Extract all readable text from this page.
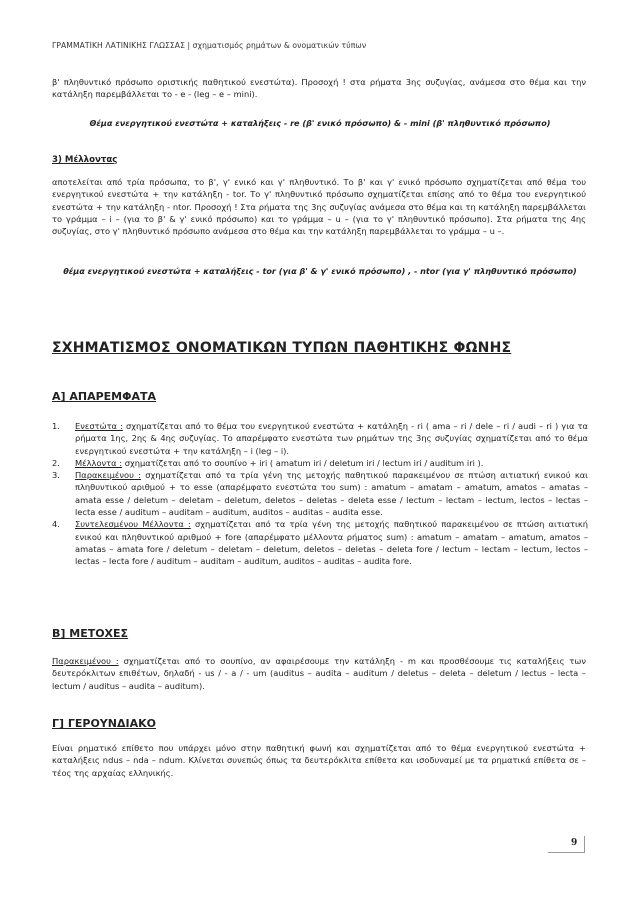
ΓΡΑΜΜΑΤΙΚΗ ΛΑΤΙΝΙΚΗΣ ΓΛΩΣΣΑΣ | σχηματισμός ρημάτων & ονοματικών τύπων
β' πληθυντικό πρόσωπο οριστικής παθητικού ενεστώτα). Προσοχή ! στα ρήματα 3ης συζυγίας, ανάμεσα στο θέμα και την κατάληξη παρεμβάλλεται το - e - (leg – e – mini).
Θέμα ενεργητικού ενεστώτα + καταλήξεις - re (β' ενικό πρόσωπο) & - mini (β' πληθυντικό πρόσωπο)
3) Μέλλοντας
αποτελείται από τρία πρόσωπα, το β', γ' ενικό και γ' πληθυντικό. Το β' και γ' ενικό πρόσωπο σχηματίζεται από θέμα του ενεργητικού ενεστώτα + την κατάληξη - tor. Το γ' πληθυντικό πρόσωπο σχηματίζεται επίσης από το θέμα του ενεργητικού ενεστώτα + την κατάληξη - ntor. Προσοχή ! Στα ρήματα της 3ης συζυγίας ανάμεσα στο θέμα και τη κατάληξη παρεμβάλλεται το γράμμα – i – (για το β' & γ' ενικό πρόσωπο) και το γράμμα – u – (για το γ' πληθυντικό πρόσωπο). Στα ρήματα της 4ης συζυγίας, στο γ' πληθυντικό πρόσωπο ανάμεσα στο θέμα και την κατάληξη παρεμβάλλεται το γράμμα – u –.
θέμα ενεργητικού ενεστώτα + καταλήξεις - tor (για β' & γ' ενικό πρόσωπο) , - ntor (για γ' πληθυντικό πρόσωπο)
ΣΧΗΜΑΤΙΣΜΟΣ ΟΝΟΜΑΤΙΚΩΝ ΤΥΠΩΝ ΠΑΘΗΤΙΚΗΣ ΦΩΝΗΣ
Α] ΑΠΑΡΕΜΦΑΤΑ
1.	Ενεστώτα : σχηματίζεται από το θέμα του ενεργητικού ενεστώτα + κατάληξη - ri ( ama – ri / dele – ri / audi – ri ) για τα ρήματα 1ης, 2ης & 4ης συζυγίας. Το απαρέμφατο ενεστώτα των ρημάτων της 3ης συζυγίας σχηματίζεται από το θέμα ενεργητικού ενεστώτα + την κατάληξη – i (leg – i).
2.	Μέλλοντα : σχηματίζεται από το σουπίνο + iri ( amatum iri / deletum iri / lectum iri / auditum iri ).
3.	Παρακειμένου : σχηματίζεται από τα τρία γένη της μετοχής παθητικού παρακειμένου σε πτώση αιτιατική ενικού και πληθυντικού αριθμού + το esse (απαρέμφατο ενεστώτα του sum) : amatum – amatam – amatum, amatos – amatas – amata esse / deletum – deletam – deletum, deletos – deletas – deleta esse / lectum – lectam – lectum, lectos – lectas – lecta esse / auditum – auditam – auditum, auditos – auditas – audita esse.
4.	Συντελεσμένου Μέλλοντα : σχηματίζεται από τα τρία γένη της μετοχής παθητικού παρακειμένου σε πτώση αιτιατική ενικού και πληθυντικού αριθμού + fore (απαρέμφατο μέλλοντα ρήματος sum) : amatum – amatam – amatum, amatos – amatas – amata fore / deletum – deletam – deletum, deletos – deletas – deleta fore / lectum – lectam – lectum, lectos – lectas – lecta fore / auditum – auditam – auditum, auditos – auditas – audita fore.
Β] ΜΕΤΟΧΕΣ
Παρακειμένου : σχηματίζεται από το σουπίνο, αν αφαιρέσουμε την κατάληξη - m και προσθέσουμε τις καταλήξεις των δευτερόκλιτων επιθέτων, δηλαδή - us / - a / - um (auditus – audita – auditum / deletus – deleta – deletum / lectus – lecta – lectum / auditus – audita – auditum).
Γ] ΓΕΡΟΥΝΔΙΑΚΟ
Είναι ρηματικό επίθετο που υπάρχει μόνο στην παθητική φωνή και σχηματίζεται από το θέμα ενεργητικού ενεστώτα + καταλήξεις ndus – nda – ndum. Κλίνεται συνεπώς όπως τα δευτερόκλιτα επίθετα και ισοδυναμεί με τα ρηματικά επίθετα σε – τέος της αρχαίας ελληνικής.
9
